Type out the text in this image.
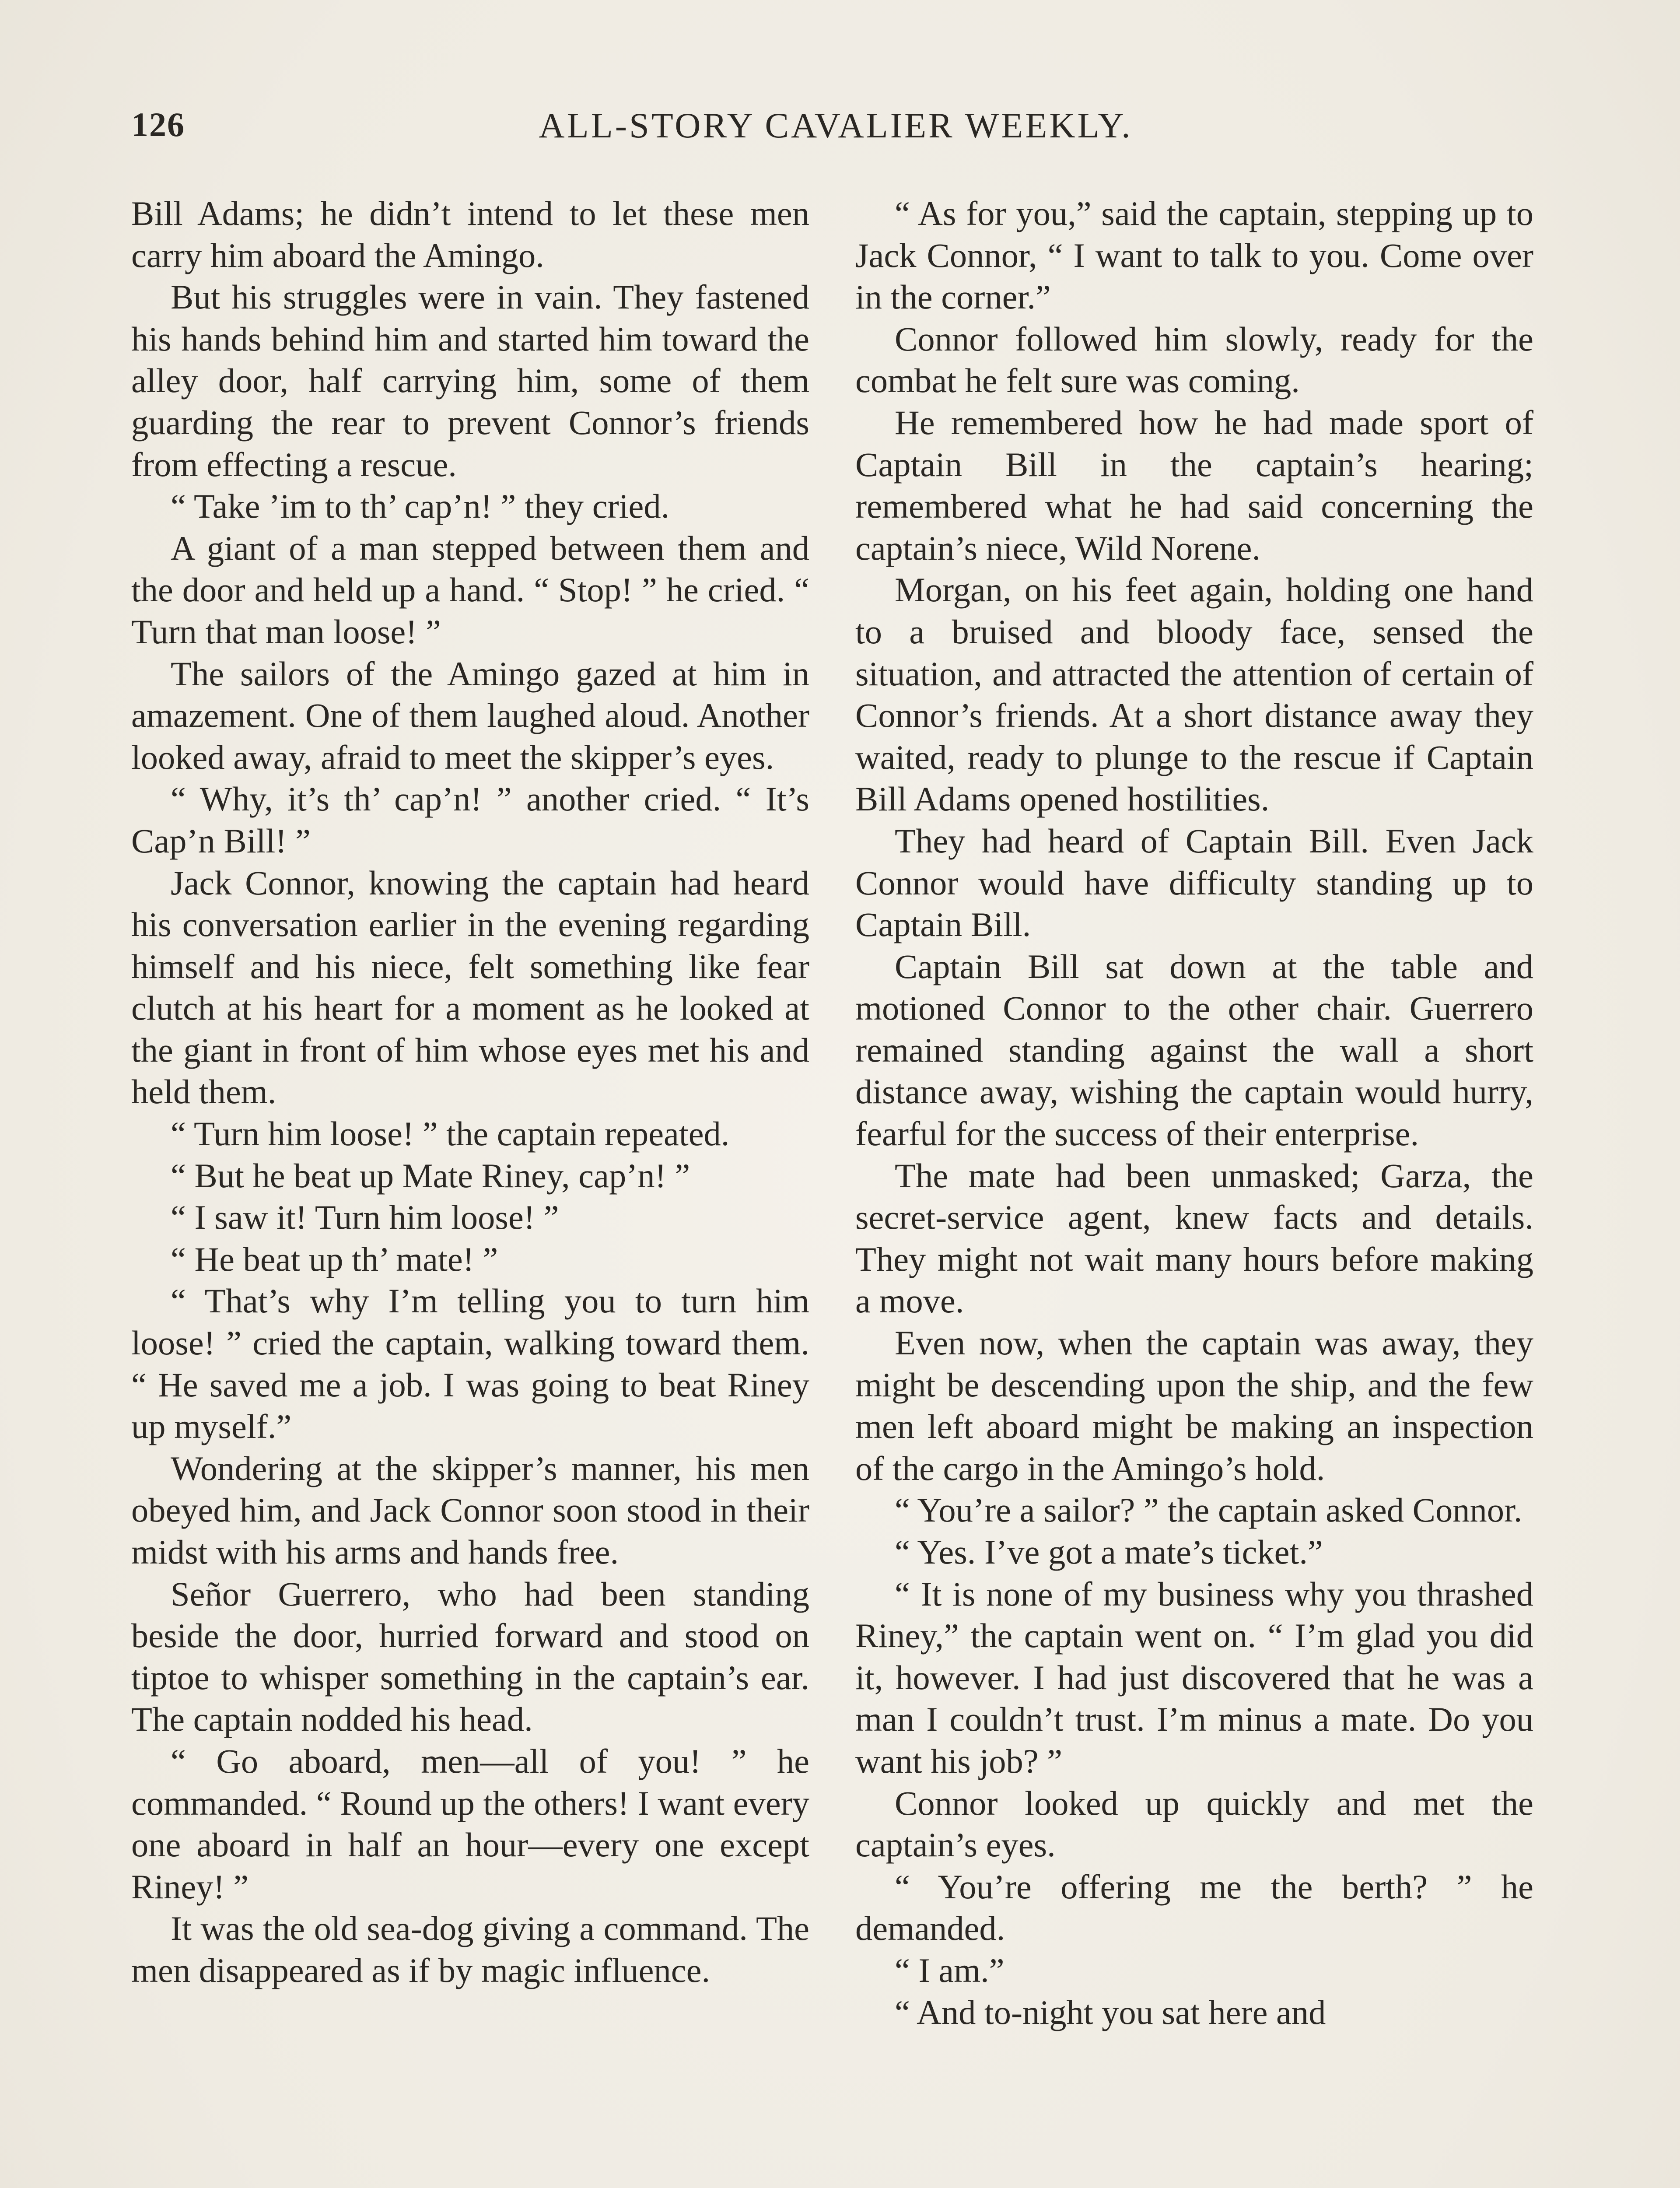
126	ALL-STORY CAVALIER WEEKLY.

Bill Adams; he didn’t intend to let these men carry him aboard the Amingo.

But his struggles were in vain. They fastened his hands behind him and started him toward the alley door, half carrying him, some of them guarding the rear to prevent Connor’s friends from effecting a rescue.

“ Take ’im to th’ cap’n! ” they cried.

A giant of a man stepped between them and the door and held up a hand. “ Stop! ” he cried. “ Turn that man loose! ”

The sailors of the Amingo gazed at him in amazement. One of them laughed aloud. Another looked away, afraid to meet the skipper’s eyes.

“ Why, it’s th’ cap’n! ” another cried. “ It’s Cap’n Bill! ”

Jack Connor, knowing the captain had heard his conversation earlier in the evening regarding himself and his niece, felt something like fear clutch at his heart for a moment as he looked at the giant in front of him whose eyes met his and held them.

“ Turn him loose! ” the captain repeated.

“ But he beat up Mate Riney, cap’n! ”

“ I saw it! Turn him loose! ”

“ He beat up th’ mate! ”

“ That’s why I’m telling you to turn him loose! ” cried the captain, walking toward them. “ He saved me a job. I was going to beat Riney up myself.”

Wondering at the skipper’s manner, his men obeyed him, and Jack Connor soon stood in their midst with his arms and hands free.

Señor Guerrero, who had been standing beside the door, hurried forward and stood on tiptoe to whisper something in the captain’s ear. The captain nodded his head.

“ Go aboard, men—all of you! ” he commanded. “ Round up the others! I want every one aboard in half an hour—every one except Riney! ”

It was the old sea-dog giving a command. The men disappeared as if by magic influence.

“ As for you,” said the captain, stepping up to Jack Connor, “ I want to talk to you. Come over in the corner.”

Connor followed him slowly, ready for the combat he felt sure was coming.

He remembered how he had made sport of Captain Bill in the captain’s hearing; remembered what he had said concerning the captain’s niece, Wild Norene.

Morgan, on his feet again, holding one hand to a bruised and bloody face, sensed the situation, and attracted the attention of certain of Connor’s friends. At a short distance away they waited, ready to plunge to the rescue if Captain Bill Adams opened hostilities.

They had heard of Captain Bill. Even Jack Connor would have difficulty standing up to Captain Bill.

Captain Bill sat down at the table and motioned Connor to the other chair. Guerrero remained standing against the wall a short distance away, wishing the captain would hurry, fearful for the success of their enterprise.

The mate had been unmasked; Garza, the secret-service agent, knew facts and details. They might not wait many hours before making a move.

Even now, when the captain was away, they might be descending upon the ship, and the few men left aboard might be making an inspection of the cargo in the Amingo’s hold.

“ You’re a sailor? ” the captain asked Connor.

“ Yes. I’ve got a mate’s ticket.”

“ It is none of my business why you thrashed Riney,” the captain went on. “ I’m glad you did it, however. I had just discovered that he was a man I couldn’t trust. I’m minus a mate. Do you want his job? ”

Connor looked up quickly and met the captain’s eyes.

“ You’re offering me the berth? ” he demanded.

“ I am.”

“ And to-night you sat here and
